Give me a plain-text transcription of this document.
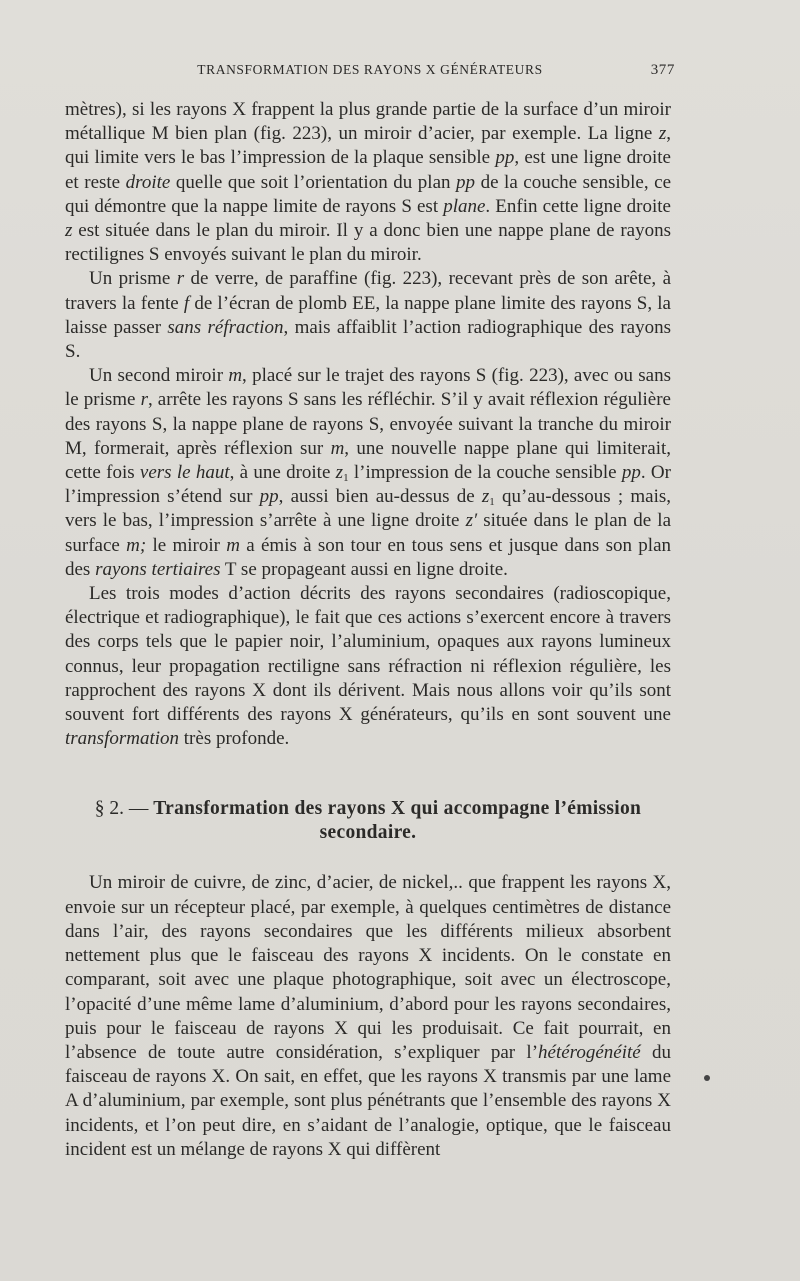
TRANSFORMATION DES RAYONS X GÉNÉRATEURS	377

mètres), si les rayons X frappent la plus grande partie de la surface d’un miroir métallique M bien plan (fig. 223), un miroir d’acier, par exemple. La ligne z, qui limite vers le bas l’impression de la plaque sensible pp, est une ligne droite et reste droite quelle que soit l’orientation du plan pp de la couche sensible, ce qui démontre que la nappe limite de rayons S est plane. Enfin cette ligne droite z est située dans le plan du miroir. Il y a donc bien une nappe plane de rayons rectilignes S envoyés suivant le plan du miroir.

Un prisme r de verre, de paraffine (fig. 223), recevant près de son arête, à travers la fente f de l’écran de plomb EE, la nappe plane limite des rayons S, la laisse passer sans réfraction, mais affaiblit l’action radiographique des rayons S.

Un second miroir m, placé sur le trajet des rayons S (fig. 223), avec ou sans le prisme r, arrête les rayons S sans les réfléchir. S’il y avait réflexion régulière des rayons S, la nappe plane de rayons S, envoyée suivant la tranche du miroir M, formerait, après réflexion sur m, une nouvelle nappe plane qui limiterait, cette fois vers le haut, à une droite $z_1$ l’impression de la couche sensible pp. Or l’impression s’étend sur pp, aussi bien au-dessus de $z_1$ qu’au-dessous ; mais, vers le bas, l’impression s’arrête à une ligne droite z′ située dans le plan de la surface m; le miroir m a émis à son tour en tous sens et jusque dans son plan des rayons tertiaires T se propageant aussi en ligne droite.

Les trois modes d’action décrits des rayons secondaires (radioscopique, électrique et radiographique), le fait que ces actions s’exercent encore à travers des corps tels que le papier noir, l’aluminium, opaques aux rayons lumineux connus, leur propagation rectiligne sans réfraction ni réflexion régulière, les rapprochent des rayons X dont ils dérivent. Mais nous allons voir qu’ils sont souvent fort différents des rayons X générateurs, qu’ils en sont souvent une transformation très profonde.

§ 2. — Transformation des rayons X qui accompagne l’émission secondaire.

Un miroir de cuivre, de zinc, d’acier, de nickel,.. que frappent les rayons X, envoie sur un récepteur placé, par exemple, à quelques centimètres de distance dans l’air, des rayons secondaires que les différents milieux absorbent nettement plus que le faisceau des rayons X incidents. On le constate en comparant, soit avec une plaque photographique, soit avec un électroscope, l’opacité d’une même lame d’aluminium, d’abord pour les rayons secondaires, puis pour le faisceau de rayons X qui les produisait. Ce fait pourrait, en l’absence de toute autre considération, s’expliquer par l’hétérogénéité du faisceau de rayons X. On sait, en effet, que les rayons X transmis par une lame A d’aluminium, par exemple, sont plus pénétrants que l’ensemble des rayons X incidents, et l’on peut dire, en s’aidant de l’analogie, optique, que le faisceau incident est un mélange de rayons X qui diffèrent
